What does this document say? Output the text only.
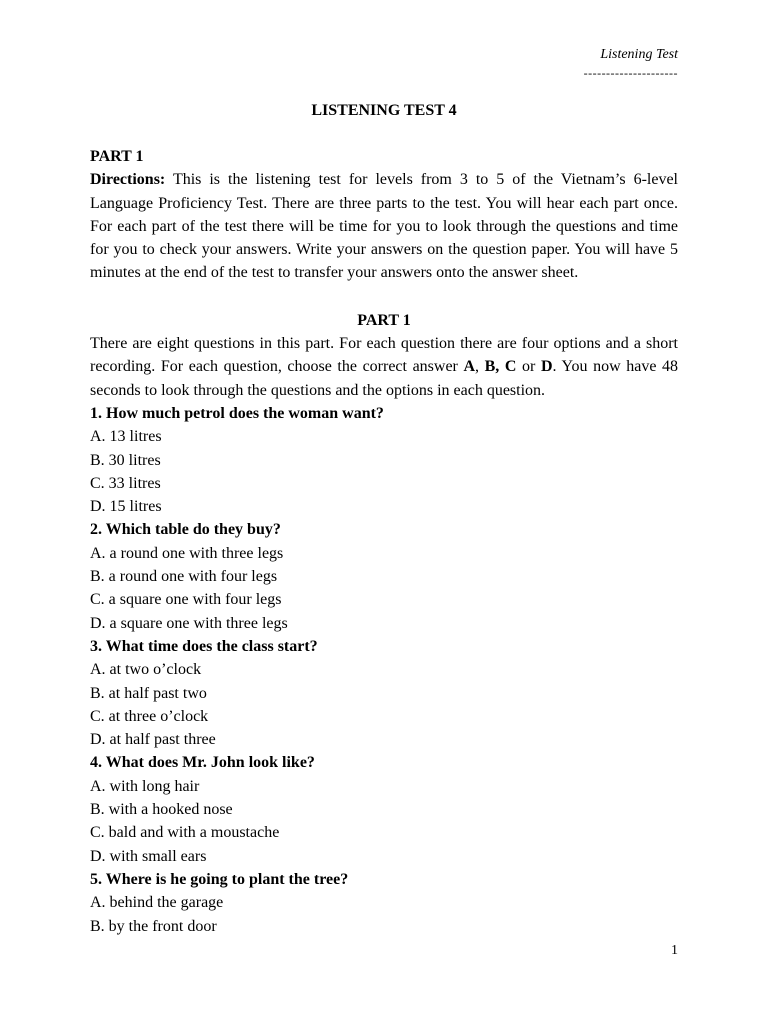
Listening Test
---------------------
LISTENING TEST 4

PART 1

Directions: This is the listening test for levels from 3 to 5 of the Vietnam’s 6-level Language Proficiency Test. There are three parts to the test. You will hear each part once. For each part of the test there will be time for you to look through the questions and time for you to check your answers. Write your answers on the question paper. You will have 5 minutes at the end of the test to transfer your answers onto the answer sheet.

PART 1

There are eight questions in this part. For each question there are four options and a short recording. For each question, choose the correct answer A, B, C or D. You now have 48 seconds to look through the questions and the options in each question.

1. How much petrol does the woman want?
A. 13 litres
B. 30 litres
C. 33 litres
D. 15 litres
2. Which table do they buy?
A. a round one with three legs
B. a round one with four legs
C. a square one with four legs
D. a square one with three legs
3. What time does the class start?
A. at two o’clock
B. at half past two
C. at three o’clock
D. at half past three
4. What does Mr. John look like?
A. with long hair
B. with a hooked nose
C. bald and with a moustache
D. with small ears
5. Where is he going to plant the tree?
A. behind the garage
B. by the front door
1
